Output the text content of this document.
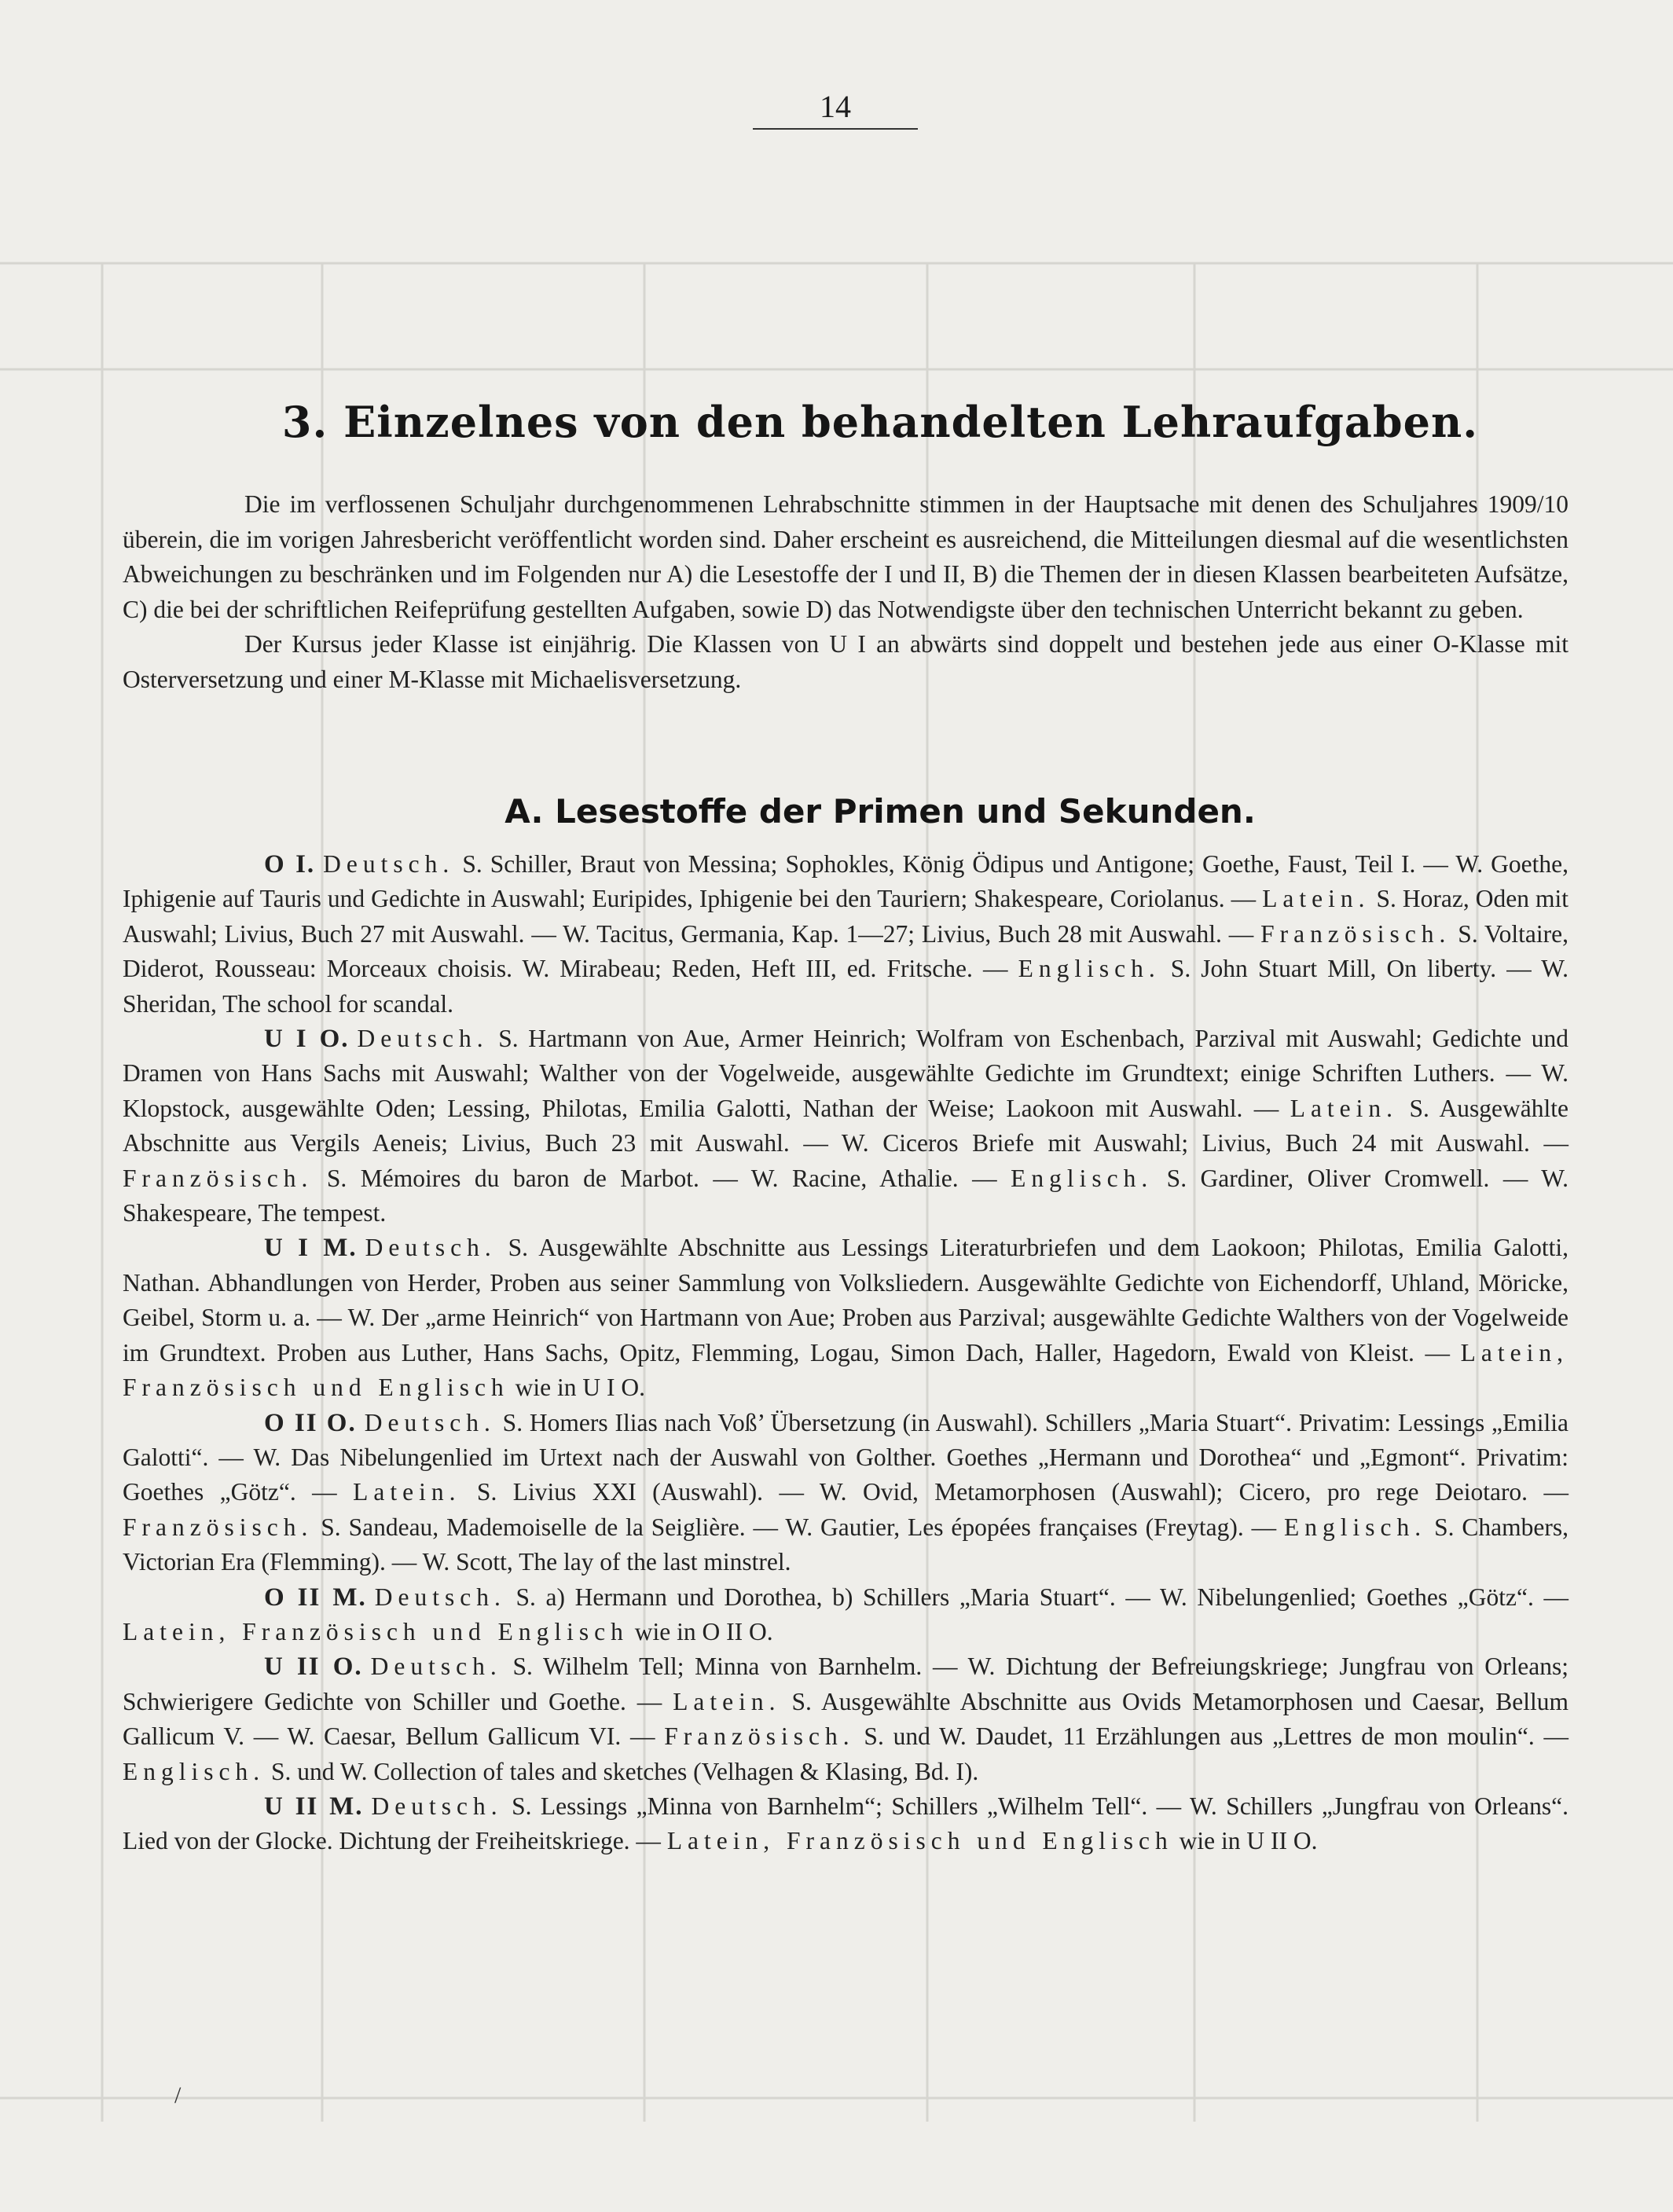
14
3. Einzelnes von den behandelten Lehraufgaben.

Die im verflossenen Schuljahr durchgenommenen Lehrabschnitte stimmen in der Hauptsache mit denen des Schuljahres 1909/10 überein, die im vorigen Jahresbericht veröffentlicht worden sind. Daher erscheint es ausreichend, die Mitteilungen diesmal auf die wesentlichsten Abweichungen zu beschränken und im Folgenden nur A) die Lesestoffe der I und II, B) die Themen der in diesen Klassen bearbeiteten Aufsätze, C) die bei der schriftlichen Reifeprüfung gestellten Aufgaben, sowie D) das Notwendigste über den technischen Unterricht bekannt zu geben.

Der Kursus jeder Klasse ist einjährig. Die Klassen von U I an abwärts sind doppelt und bestehen jede aus einer O-Klasse mit Osterversetzung und einer M-Klasse mit Michaelisversetzung.

A. Lesestoffe der Primen und Sekunden.

O I. Deutsch. S. Schiller, Braut von Messina; Sophokles, König Ödipus und Antigone; Goethe, Faust, Teil I. — W. Goethe, Iphigenie auf Tauris und Gedichte in Auswahl; Euripides, Iphigenie bei den Tauriern; Shakespeare, Coriolanus. — Latein. S. Horaz, Oden mit Auswahl; Livius, Buch 27 mit Auswahl. — W. Tacitus, Germania, Kap. 1—27; Livius, Buch 28 mit Auswahl. — Französisch. S. Voltaire, Diderot, Rousseau: Morceaux choisis. W. Mirabeau; Reden, Heft III, ed. Fritsche. — Englisch. S. John Stuart Mill, On liberty. — W. Sheridan, The school for scandal.

U I O. Deutsch. S. Hartmann von Aue, Armer Heinrich; Wolfram von Eschenbach, Parzival mit Auswahl; Gedichte und Dramen von Hans Sachs mit Auswahl; Walther von der Vogelweide, ausgewählte Gedichte im Grundtext; einige Schriften Luthers. — W. Klopstock, ausgewählte Oden; Lessing, Philotas, Emilia Galotti, Nathan der Weise; Laokoon mit Auswahl. — Latein. S. Ausgewählte Abschnitte aus Vergils Aeneis; Livius, Buch 23 mit Auswahl. — W. Ciceros Briefe mit Auswahl; Livius, Buch 24 mit Auswahl. — Französisch. S. Mémoires du baron de Marbot. — W. Racine, Athalie. — Englisch. S. Gardiner, Oliver Cromwell. — W. Shakespeare, The tempest.

U I M. Deutsch. S. Ausgewählte Abschnitte aus Lessings Literaturbriefen und dem Laokoon; Philotas, Emilia Galotti, Nathan. Abhandlungen von Herder, Proben aus seiner Sammlung von Volksliedern. Ausgewählte Gedichte von Eichendorff, Uhland, Möricke, Geibel, Storm u. a. — W. Der „arme Heinrich“ von Hartmann von Aue; Proben aus Parzival; ausgewählte Gedichte Walthers von der Vogelweide im Grundtext. Proben aus Luther, Hans Sachs, Opitz, Flemming, Logau, Simon Dach, Haller, Hagedorn, Ewald von Kleist. — Latein, Französisch und Englisch wie in U I O.

O II O. Deutsch. S. Homers Ilias nach Voß’ Übersetzung (in Auswahl). Schillers „Maria Stuart“. Privatim: Lessings „Emilia Galotti“. — W. Das Nibelungenlied im Urtext nach der Auswahl von Golther. Goethes „Hermann und Dorothea“ und „Egmont“. Privatim: Goethes „Götz“. — Latein. S. Livius XXI (Auswahl). — W. Ovid, Metamorphosen (Auswahl); Cicero, pro rege Deiotaro. — Französisch. S. Sandeau, Mademoiselle de la Seiglière. — W. Gautier, Les épopées françaises (Freytag). — Englisch. S. Chambers, Victorian Era (Flemming). — W. Scott, The lay of the last minstrel.

O II M. Deutsch. S. a) Hermann und Dorothea, b) Schillers „Maria Stuart“. — W. Nibelungenlied; Goethes „Götz“. — Latein, Französisch und Englisch wie in O II O.

U II O. Deutsch. S. Wilhelm Tell; Minna von Barnhelm. — W. Dichtung der Befreiungskriege; Jungfrau von Orleans; Schwierigere Gedichte von Schiller und Goethe. — Latein. S. Ausgewählte Abschnitte aus Ovids Metamorphosen und Caesar, Bellum Gallicum V. — W. Caesar, Bellum Gallicum VI. — Französisch. S. und W. Daudet, 11 Erzählungen aus „Lettres de mon moulin“. — Englisch. S. und W. Collection of tales and sketches (Velhagen & Klasing, Bd. I).

U II M. Deutsch. S. Lessings „Minna von Barnhelm“; Schillers „Wilhelm Tell“. — W. Schillers „Jungfrau von Orleans“. Lied von der Glocke. Dichtung der Freiheitskriege. — Latein, Französisch und Englisch wie in U II O.

/
